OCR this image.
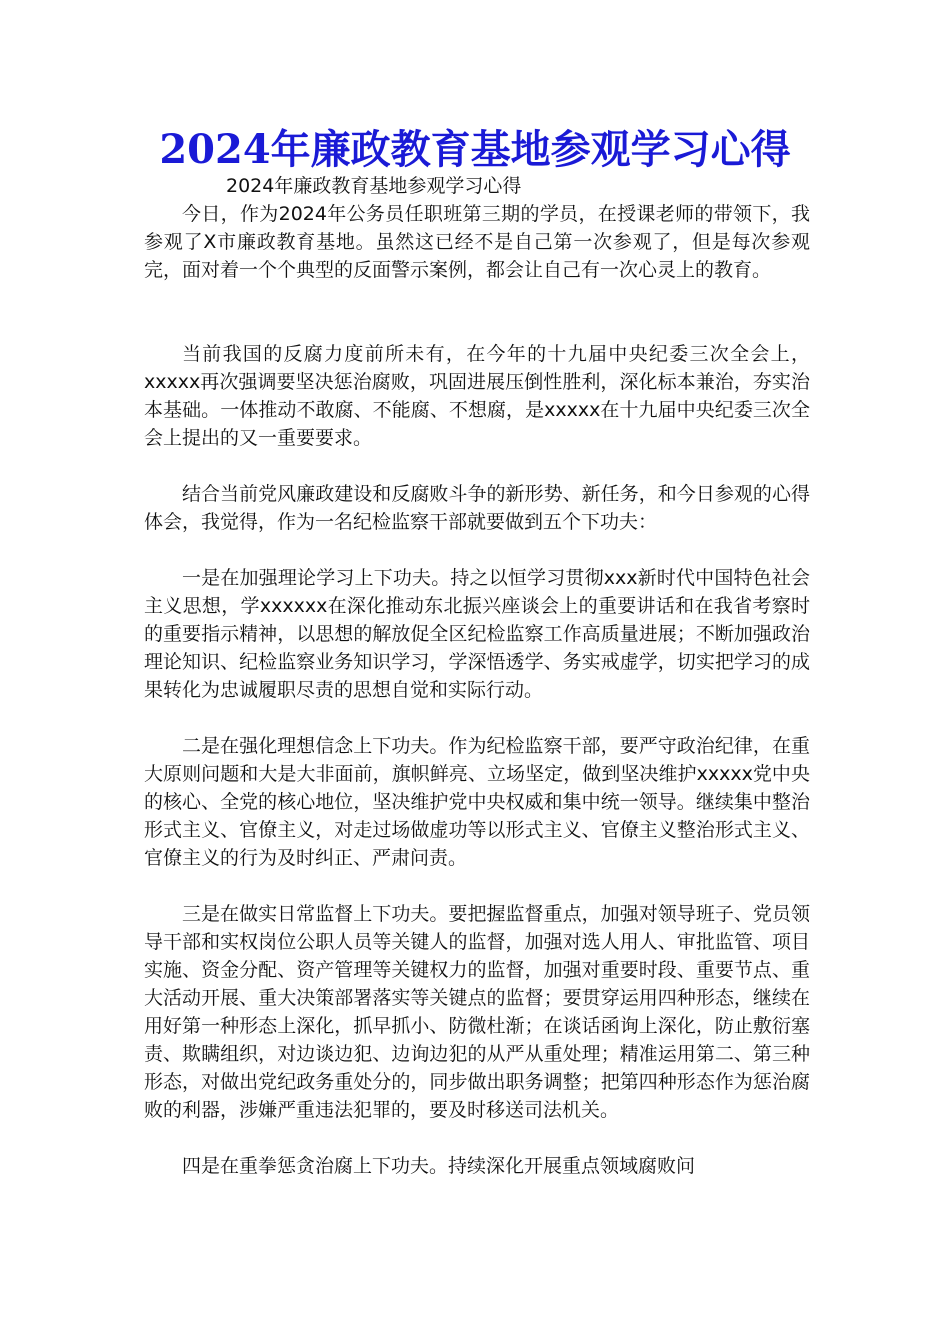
2024年廉政教育基地参观学习心得

2024年廉政教育基地参观学习心得

今日，作为2024年公务员任职班第三期的学员，在授课老师的带领下，我参观了X市廉政教育基地。虽然这已经不是自己第一次参观了，但是每次参观完，面对着一个个典型的反面警示案例，都会让自己有一次心灵上的教育。

当前我国的反腐力度前所未有，在今年的十九届中央纪委三次全会上，xxxxx再次强调要坚决惩治腐败，巩固进展压倒性胜利，深化标本兼治，夯实治本基础。一体推动不敢腐、不能腐、不想腐，是xxxxx在十九届中央纪委三次全会上提出的又一重要要求。

结合当前党风廉政建设和反腐败斗争的新形势、新任务，和今日参观的心得体会，我觉得，作为一名纪检监察干部就要做到五个下功夫：

一是在加强理论学习上下功夫。持之以恒学习贯彻xxx新时代中国特色社会主义思想，学xxxxxx在深化推动东北振兴座谈会上的重要讲话和在我省考察时的重要指示精神，以思想的解放促全区纪检监察工作高质量进展；不断加强政治理论知识、纪检监察业务知识学习，学深悟透学、务实戒虚学，切实把学习的成果转化为忠诚履职尽责的思想自觉和实际行动。

二是在强化理想信念上下功夫。作为纪检监察干部，要严守政治纪律，在重大原则问题和大是大非面前，旗帜鲜亮、立场坚定，做到坚决维护xxxxx党中央的核心、全党的核心地位，坚决维护党中央权威和集中统一领导。继续集中整治形式主义、官僚主义，对走过场做虚功等以形式主义、官僚主义整治形式主义、官僚主义的行为及时纠正、严肃问责。

三是在做实日常监督上下功夫。要把握监督重点，加强对领导班子、党员领导干部和实权岗位公职人员等关键人的监督，加强对选人用人、审批监管、项目实施、资金分配、资产管理等关键权力的监督，加强对重要时段、重要节点、重大活动开展、重大决策部署落实等关键点的监督；要贯穿运用四种形态，继续在用好第一种形态上深化，抓早抓小、防微杜渐；在谈话函询上深化，防止敷衍塞责、欺瞒组织，对边谈边犯、边询边犯的从严从重处理；精准运用第二、第三种形态，对做出党纪政务重处分的，同步做出职务调整；把第四种形态作为惩治腐败的利器，涉嫌严重违法犯罪的，要及时移送司法机关。

四是在重拳惩贪治腐上下功夫。持续深化开展重点领域腐败问
